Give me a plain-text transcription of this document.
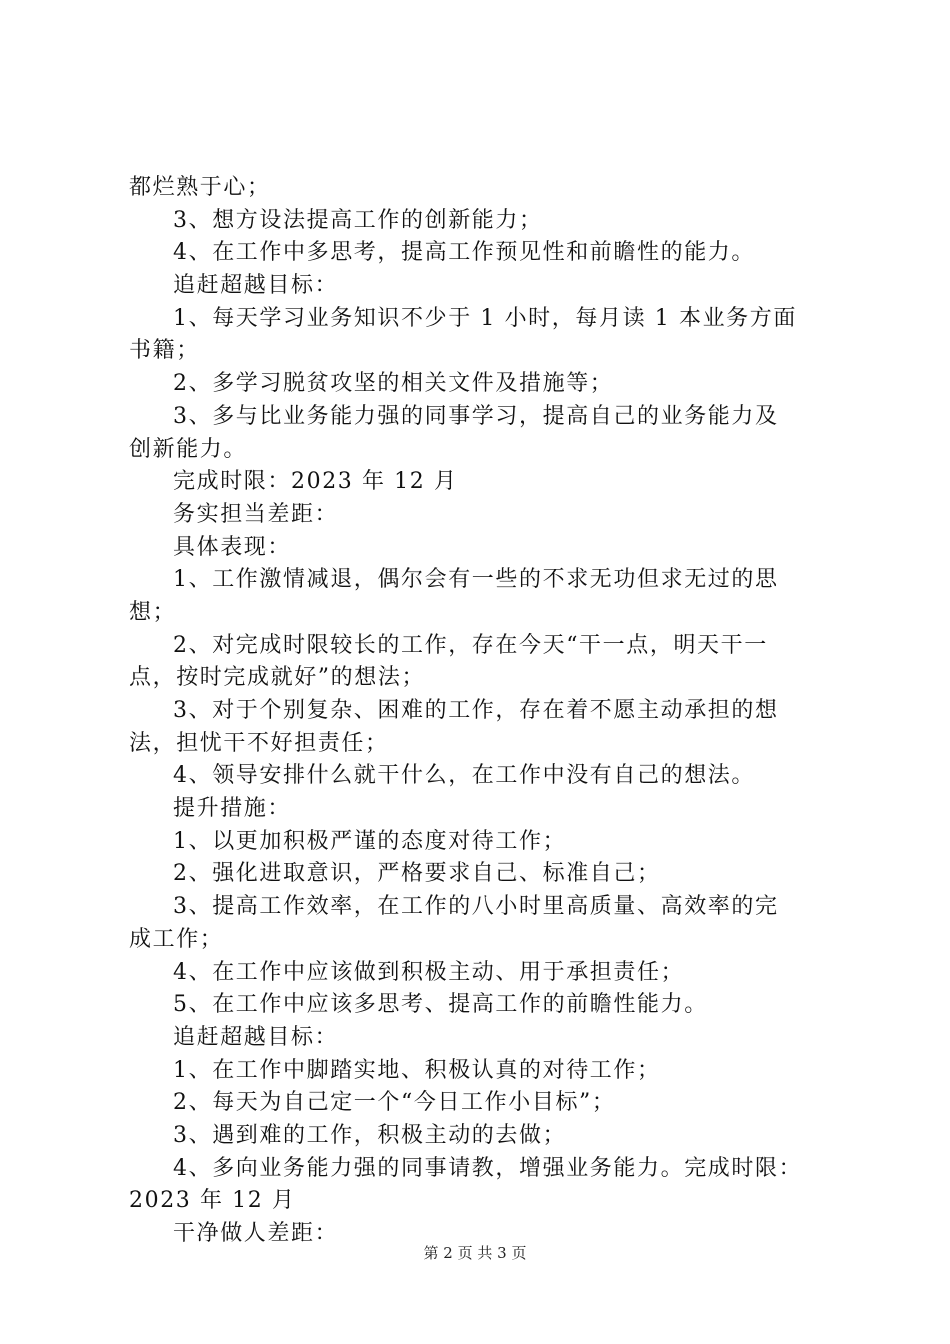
都烂熟于心；
3、想方设法提高工作的创新能力；
4、在工作中多思考，提高工作预见性和前瞻性的能力。
追赶超越目标：
1、每天学习业务知识不少于 1 小时，每月读 1 本业务方面
书籍；
2、多学习脱贫攻坚的相关文件及措施等；
3、多与比业务能力强的同事学习，提高自己的业务能力及
创新能力。
完成时限：2023 年 12 月
务实担当差距：
具体表现：
1、工作激情减退，偶尔会有一些的不求无功但求无过的思
想；
2、对完成时限较长的工作，存在今天“干一点，明天干一
点，按时完成就好”的想法；
3、对于个别复杂、困难的工作，存在着不愿主动承担的想
法，担忧干不好担责任；
4、领导安排什么就干什么，在工作中没有自己的想法。
提升措施：
1、以更加积极严谨的态度对待工作；
2、强化进取意识，严格要求自己、标准自己；
3、提高工作效率，在工作的八小时里高质量、高效率的完
成工作；
4、在工作中应该做到积极主动、用于承担责任；
5、在工作中应该多思考、提高工作的前瞻性能力。
追赶超越目标：
1、在工作中脚踏实地、积极认真的对待工作；
2、每天为自己定一个“今日工作小目标”；
3、遇到难的工作，积极主动的去做；
4、多向业务能力强的同事请教，增强业务能力。完成时限：
2023 年 12 月
干净做人差距：
第 2 页 共 3 页
